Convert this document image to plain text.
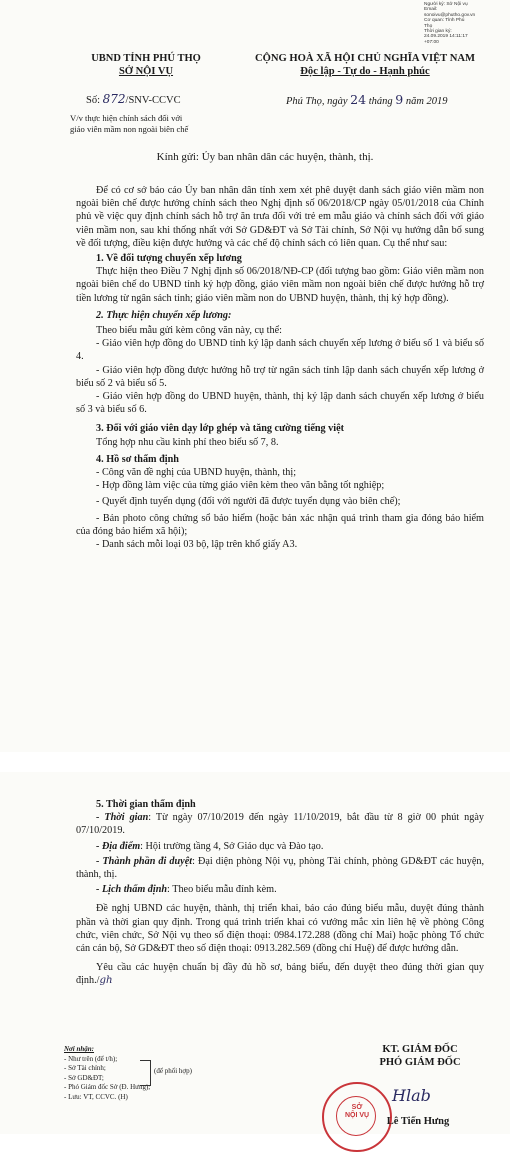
Người ký: Sở Nội vụ
Email:
sonoivu@phutho.gov.vn
Cơ quan: Tỉnh Phú
Thọ
Thời gian ký:
24.09.2019 14:11:17
+07:00
UBND TỈNH PHÚ THỌ
SỞ NỘI VỤ
CỘNG HOÀ XÃ HỘI CHỦ NGHĨA VIỆT NAM
Độc lập - Tự do - Hạnh phúc
Số: 872/SNV-CCVC	Phú Thọ, ngày 24 tháng 9 năm 2019
V/v thực hiện chính sách đối với
giáo viên mầm non ngoài biên chế
Kính gửi: Ủy ban nhân dân các huyện, thành, thị.

Để có cơ sở báo cáo Ủy ban nhân dân tỉnh xem xét phê duyệt danh sách giáo viên mầm non ngoài biên chế được hưởng chính sách theo Nghị định số 06/2018/CP ngày 05/01/2018 của Chính phủ về việc quy định chính sách hỗ trợ ăn trưa đối với trẻ em mẫu giáo và chính sách đối với giáo viên mầm non, sau khi thống nhất với Sở GD&ĐT và Sở Tài chính, Sở Nội vụ hướng dẫn bổ sung về đối tượng, điều kiện được hưởng và các chế độ chính sách có liên quan. Cụ thể như sau:

1. Về đối tượng chuyển xếp lương

Thực hiện theo Điều 7 Nghị định số 06/2018/NĐ-CP (đối tượng bao gồm: Giáo viên mầm non ngoài biên chế do UBND tỉnh ký hợp đồng, giáo viên mầm non ngoài biên chế được hưởng hỗ trợ tiền lương từ ngân sách tỉnh; giáo viên mầm non do UBND huyện, thành, thị ký hợp đồng).

2. Thực hiện chuyển xếp lương:

Theo biểu mẫu gửi kèm công văn này, cụ thể:

- Giáo viên hợp đồng do UBND tỉnh ký lập danh sách chuyển xếp lương ở biểu số 1 và biểu số 4.

- Giáo viên hợp đồng được hưởng hỗ trợ từ ngân sách tỉnh lập danh sách chuyển xếp lương ở biểu số 2 và biểu số 5.

- Giáo viên hợp đồng do UBND huyện, thành, thị ký lập danh sách chuyển xếp lương ở biểu số 3 và biểu số 6.

3. Đối với giáo viên dạy lớp ghép và tăng cường tiếng việt

Tổng hợp nhu cầu kinh phí theo biểu số 7, 8.

4. Hồ sơ thẩm định

- Công văn đề nghị của UBND huyện, thành, thị;

- Hợp đồng làm việc của từng giáo viên kèm theo văn bằng tốt nghiệp;

- Quyết định tuyển dụng (đối với người đã được tuyển dụng vào biên chế);

- Bản photo công chứng sổ bảo hiểm (hoặc bản xác nhận quá trình tham gia đóng bảo hiểm của đóng bảo hiểm xã hội);

- Danh sách mỗi loại 03 bộ, lập trên khổ giấy A3.

5. Thời gian thẩm định

- Thời gian: Từ ngày 07/10/2019 đến ngày 11/10/2019, bắt đầu từ 8 giờ 00 phút ngày 07/10/2019.

- Địa điểm: Hội trường tầng 4, Sở Giáo dục và Đào tạo.

- Thành phần đi duyệt: Đại diện phòng Nội vụ, phòng Tài chính, phòng GD&ĐT các huyện, thành, thị.

- Lịch thẩm định: Theo biểu mẫu đính kèm.

Đề nghị UBND các huyện, thành, thị triển khai, báo cáo đúng biểu mẫu, duyệt đúng thành phần và thời gian quy định. Trong quá trình triển khai có vướng mắc xin liên hệ về phòng Công chức, viên chức, Sở Nội vụ theo số điện thoại: 0984.172.288 (đồng chí Mai) hoặc phòng Tổ chức cán cán bộ, Sở GD&ĐT theo số điện thoại: 0913.282.569 (đồng chí Huệ) để được hướng dẫn.

Yêu cầu các huyện chuẩn bị đầy đủ hồ sơ, bảng biểu, đến duyệt theo đúng thời gian quy định./gh

Nơi nhận:
- Như trên (để t/h);
- Sở Tài chính;
- Sở GD&ĐT;
- Phó Giám đốc Sở (Đ. Hưng);
- Lưu: VT, CCVC. (H)
(để phối hợp)
KT. GIÁM ĐỐC
PHÓ GIÁM ĐỐC
SỞ
NỘI VỤ
Hlab
Lê Tiến Hưng
